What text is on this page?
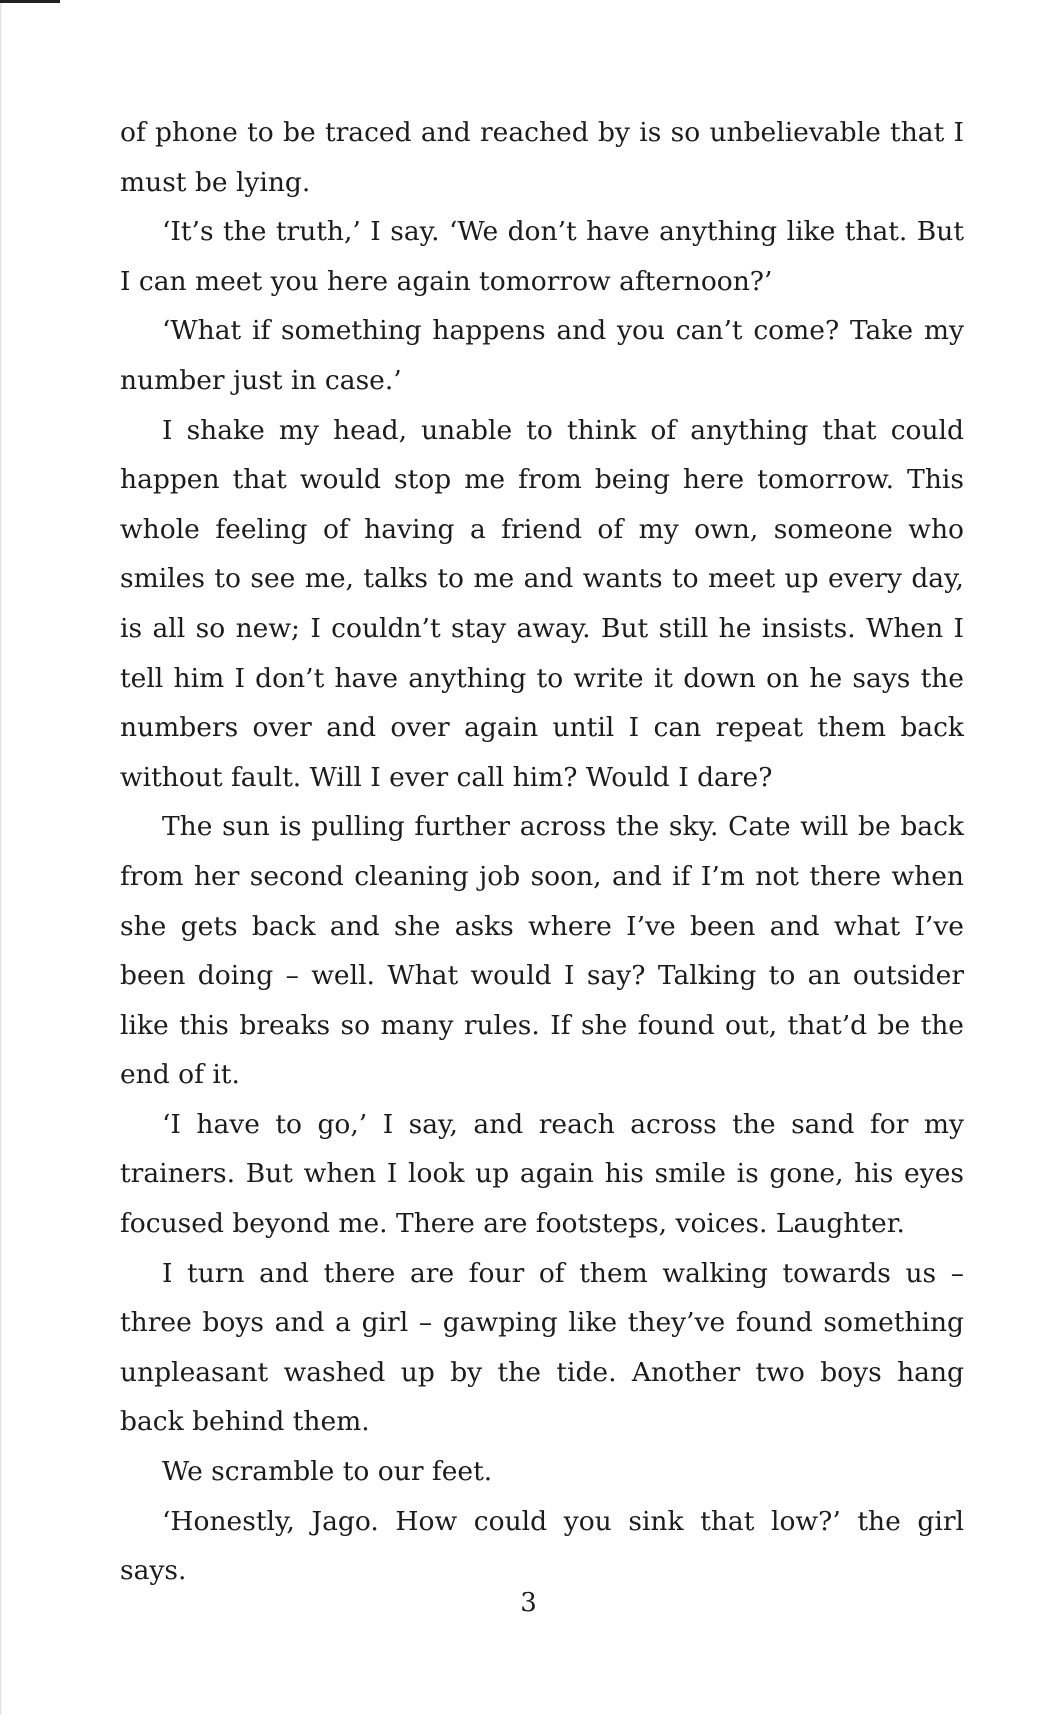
of phone to be traced and reached by is so unbelievable that I must be lying.

‘It’s the truth,’ I say. ‘We don’t have anything like that. But I can meet you here again tomorrow afternoon?’

‘What if something happens and you can’t come? Take my number just in case.’

I shake my head, unable to think of anything that could happen that would stop me from being here tomorrow. This whole feeling of having a friend of my own, someone who smiles to see me, talks to me and wants to meet up every day, is all so new; I couldn’t stay away. But still he insists. When I tell him I don’t have anything to write it down on he says the numbers over and over again until I can repeat them back without fault. Will I ever call him? Would I dare?

The sun is pulling further across the sky. Cate will be back from her second cleaning job soon, and if I’m not there when she gets back and she asks where I’ve been and what I’ve been doing – well. What would I say? Talking to an outsider like this breaks so many rules. If she found out, that’d be the end of it.

‘I have to go,’ I say, and reach across the sand for my trainers. But when I look up again his smile is gone, his eyes focused beyond me. There are footsteps, voices. Laughter.

I turn and there are four of them walking towards us – three boys and a girl – gawping like they’ve found something unpleasant washed up by the tide. Another two boys hang back behind them.

We scramble to our feet.

‘Honestly, Jago. How could you sink that low?’ the girl says.

3
